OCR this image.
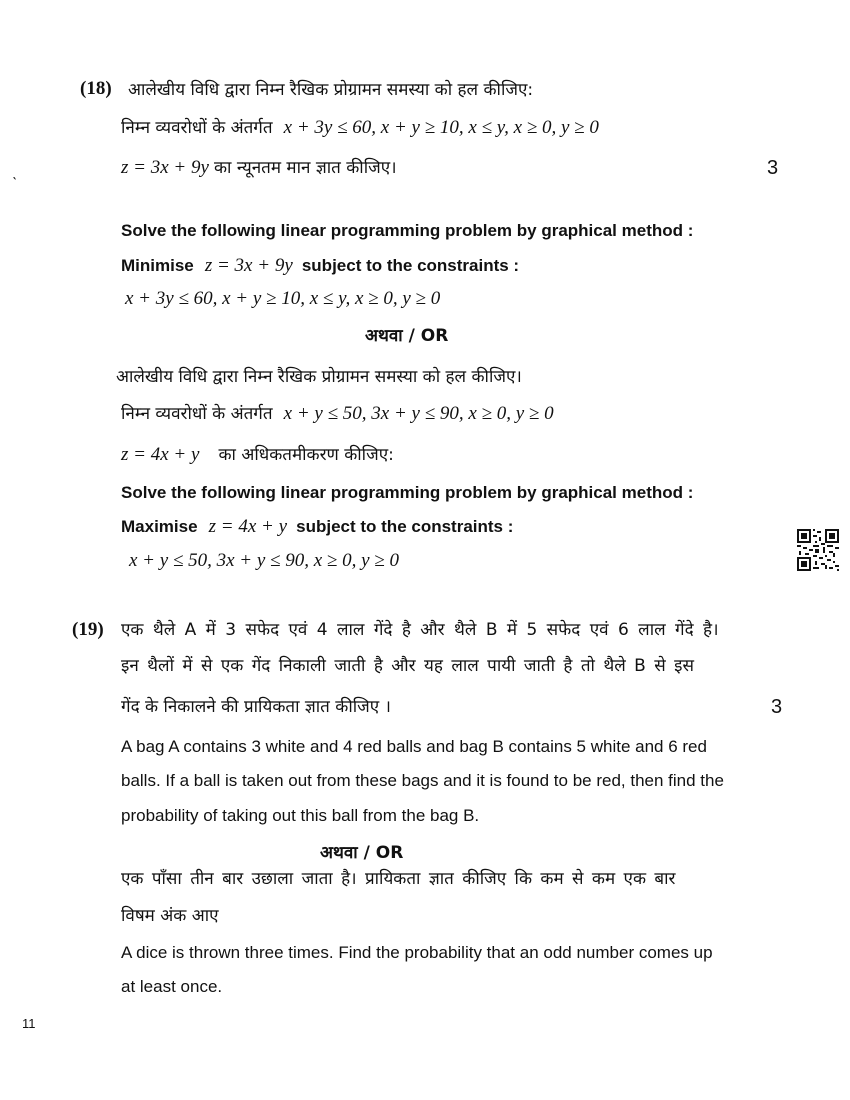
ˋ
(18) आलेखीय विधि द्वारा निम्न रैखिक प्रोग्रामन समस्या को हल कीजिए:
निम्न व्यवरोधों के अंतर्गत x + 3y ≤ 60, x + y ≥ 10, x ≤ y, x ≥ 0, y ≥ 0
z = 3x + 9y का न्यूनतम मान ज्ञात कीजिए।	3
Solve the following linear programming problem by graphical method :
Minimise z = 3x + 9y subject to the constraints :
x + 3y ≤ 60, x + y ≥ 10, x ≤ y, x ≥ 0, y ≥ 0
अथवा / OR
आलेखीय विधि द्वारा निम्न रैखिक प्रोग्रामन समस्या को हल कीजिए।
निम्न व्यवरोधों के अंतर्गत x + y ≤ 50, 3x + y ≤ 90, x ≥ 0, y ≥ 0
z = 4x + y का अधिकतमीकरण कीजिए:
Solve the following linear programming problem by graphical method :
Maximise z = 4x + y subject to the constraints :
x + y ≤ 50, 3x + y ≤ 90, x ≥ 0, y ≥ 0
(19) एक थैले A में 3 सफेद एवं 4 लाल गेंदे है और थैले B में 5 सफेद एवं 6 लाल गेंदे है।
इन थैलों में से एक गेंद निकाली जाती है और यह लाल पायी जाती है तो थैले B से इस
गेंद के निकालने की प्रायिकता ज्ञात कीजिए ।	3
A bag A contains 3 white and 4 red balls and bag B contains 5 white and 6 red
balls. If a ball is taken out from these bags and it is found to be red, then find the
probability of taking out this ball from the bag B.
अथवा / OR
एक पाँसा तीन बार उछाला जाता है। प्रायिकता ज्ञात कीजिए कि कम से कम एक बार
विषम अंक आए
A dice is thrown three times. Find the probability that an odd number comes up
at least once.
11
